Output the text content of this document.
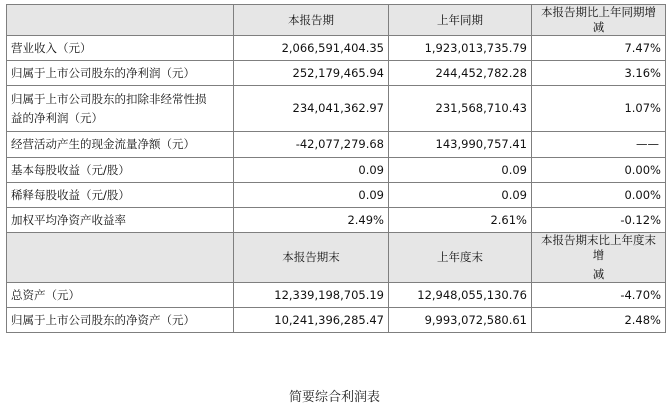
	本报告期	上年同期	本报告期比上年同期增减
营业收入（元）	2,066,591,404.35	1,923,013,735.79	7.47%
归属于上市公司股东的净利润（元）	252,179,465.94	244,452,782.28	3.16%

归属于上市公司股东的扣除非经常性损
益的净利润（元）	234,041,362.97	231,568,710.43	1.07%
经营活动产生的现金流量净额（元）	-42,077,279.68	143,990,757.41	——
基本每股收益（元/股）	0.09	0.09	0.00%
稀释每股收益（元/股）	0.09	0.09	0.00%
加权平均净资产收益率	2.49%	2.61%	-0.12%
	本报告期末	上年度末	本报告期末比上年度末增
减

总资产（元）	12,339,198,705.19	12,948,055,130.76	-4.70%
归属于上市公司股东的净资产（元）	10,241,396,285.47	9,993,072,580.61	2.48%
简要综合利润表
